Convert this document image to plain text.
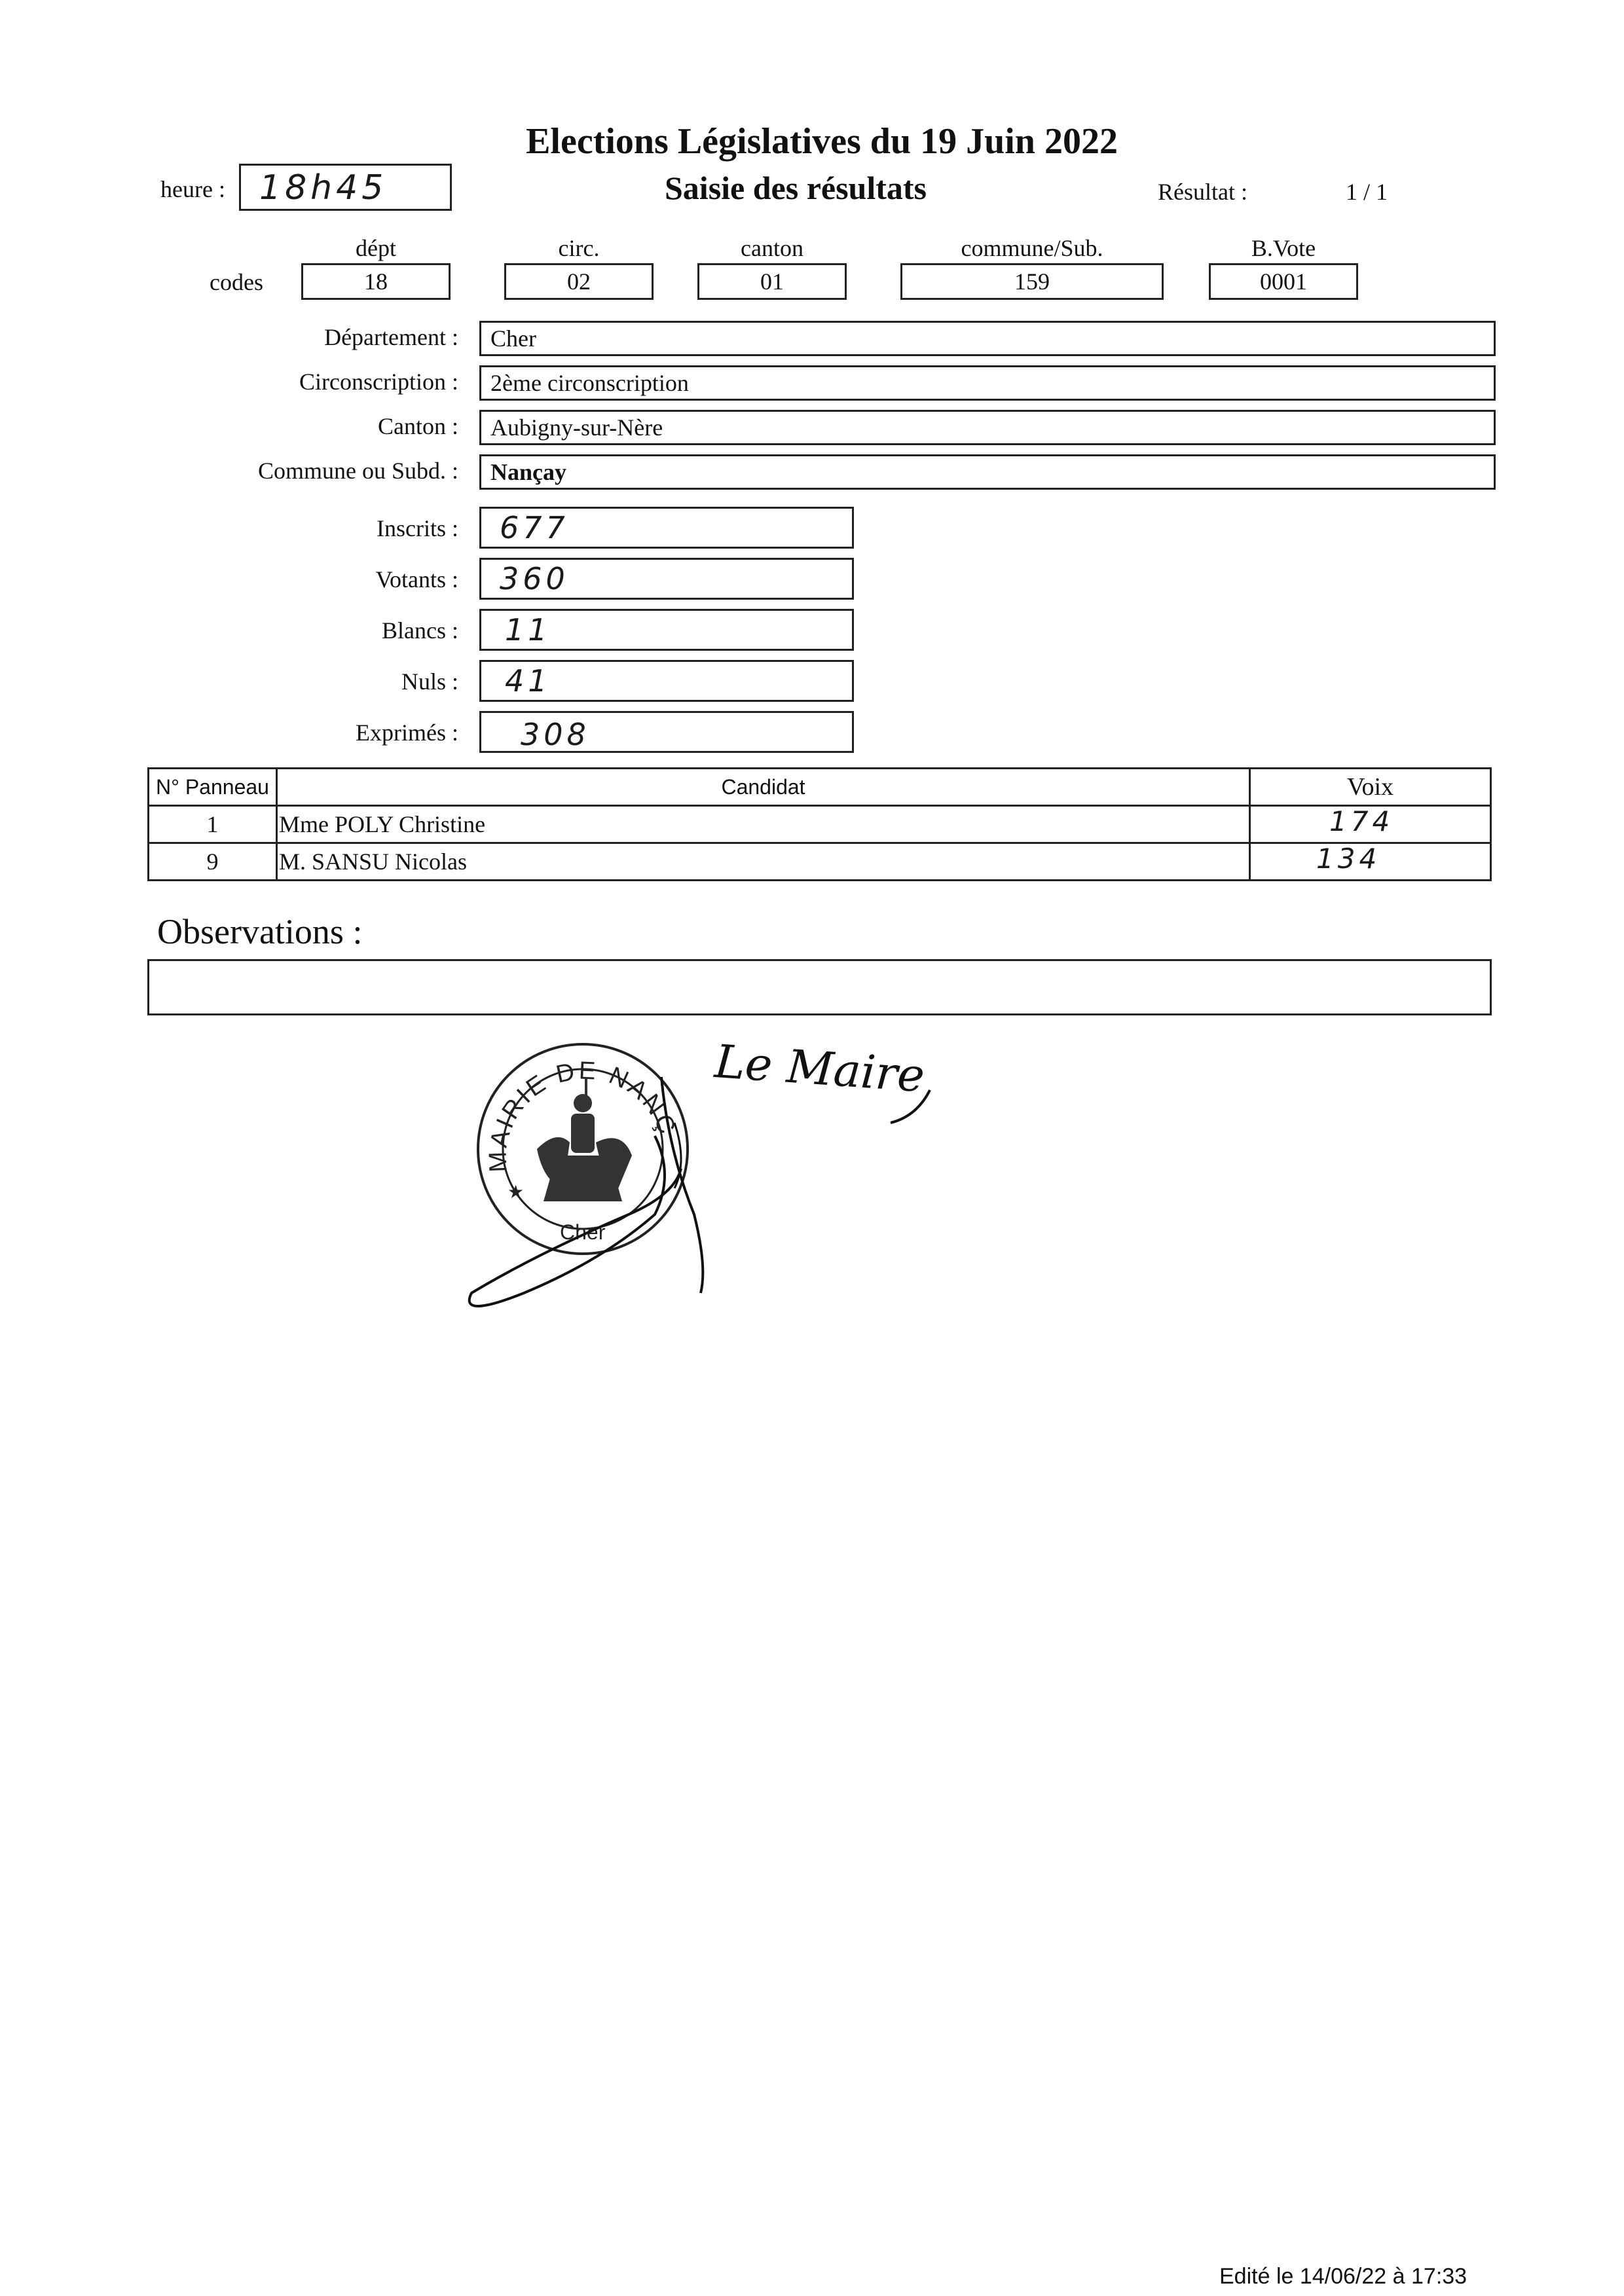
Elections Législatives du 19 Juin 2022
Saisie des résultats
heure : 18h45	Résultat :	1 / 1
codes
dépt
18
circ.
02
canton
01
commune/Sub.
159
B.Vote
0001
Département :	Cher
Circonscription :	2ème circonscription
Canton :	Aubigny-sur-Nère
Commune ou Subd. :	Nançay
Inscrits : 677
Votants : 360
Blancs : 11
Nuls : 41
Exprimés : 308
N° Panneau	Candidat	Voix
1	Mme POLY Christine	174

9	M. SANSU Nicolas	134
Observations :
MAIRIE DE NANÇ
Cher
★
Le Maire
Edité le 14/06/22 à 17:33
